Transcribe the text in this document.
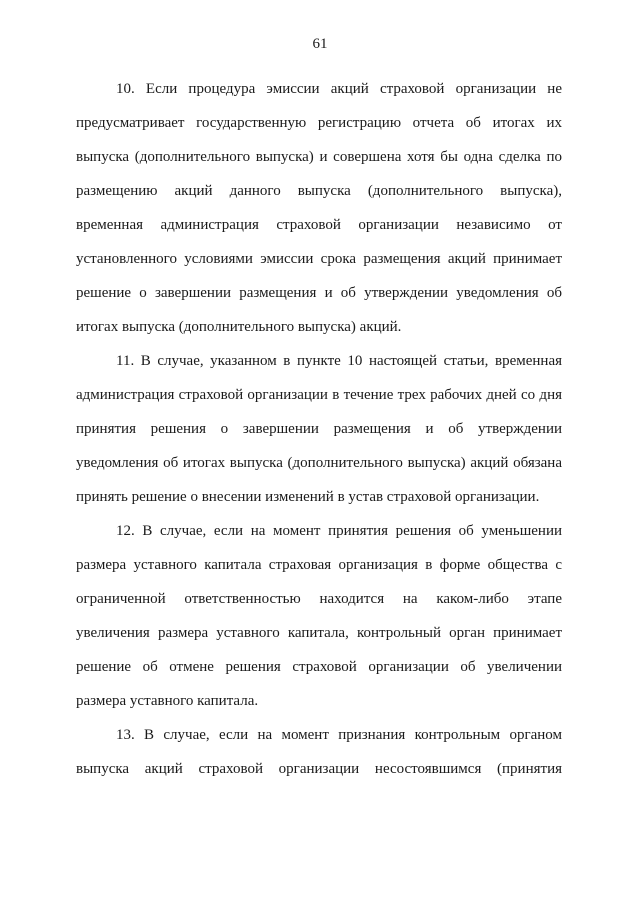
61
10. Если процедура эмиссии акций страховой организации не
предусматривает государственную регистрацию отчета об итогах их
выпуска (дополнительного выпуска) и совершена хотя бы одна сделка по
размещению акций данного выпуска (дополнительного выпуска),
временная администрация страховой организации независимо от
установленного условиями эмиссии срока размещения акций принимает
решение о завершении размещения и об утверждении уведомления об
итогах выпуска (дополнительного выпуска) акций.
11. В случае, указанном в пункте 10 настоящей статьи, временная
администрация страховой организации в течение трех рабочих дней со дня
принятия решения о завершении размещения и об утверждении
уведомления об итогах выпуска (дополнительного выпуска) акций обязана
принять решение о внесении изменений в устав страховой организации.
12. В случае, если на момент принятия решения об уменьшении
размера уставного капитала страховая организация в форме общества с
ограниченной ответственностью находится на каком-либо этапе
увеличения размера уставного капитала, контрольный орган принимает
решение об отмене решения страховой организации об увеличении
размера уставного капитала.
13. В случае, если на момент признания контрольным органом
выпуска акций страховой организации несостоявшимся (принятия
